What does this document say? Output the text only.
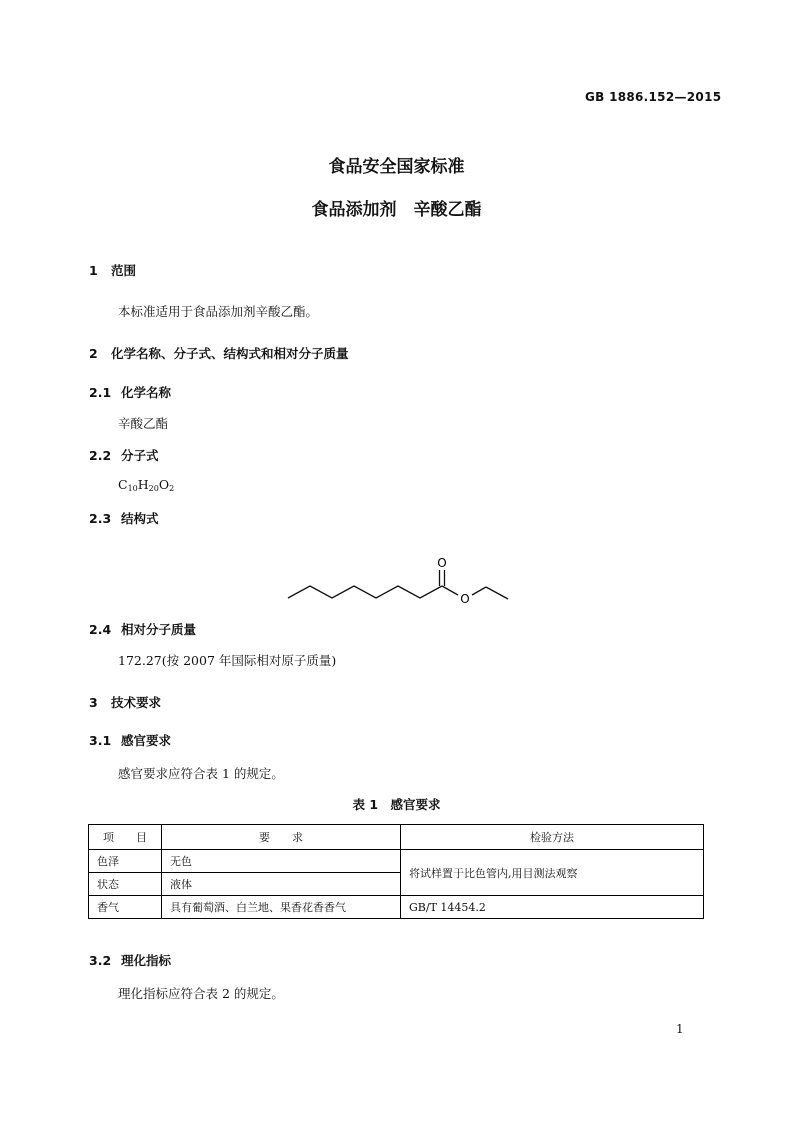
GB 1886.152—2015
食品安全国家标准
食品添加剂　辛酸乙酯
1 范围
本标准适用于食品添加剂辛酸乙酯。
2 化学名称、分子式、结构式和相对分子质量
2.1 化学名称
辛酸乙酯
2.2 分子式
$C_{10}H_{20}O_2$
2.3 结构式
O
O
2.4 相对分子质量
172.27(按 2007 年国际相对原子质量)
3 技术要求
3.1 感官要求
感官要求应符合表 1 的规定。
表 1　感官要求
项　　目	要　　求	检验方法
色泽	无色	将试样置于比色管内,用目测法观察
状态	液体	
香气	具有葡萄酒、白兰地、果香花香香气	GB/T 14454.2
3.2 理化指标
理化指标应符合表 2 的规定。
1
